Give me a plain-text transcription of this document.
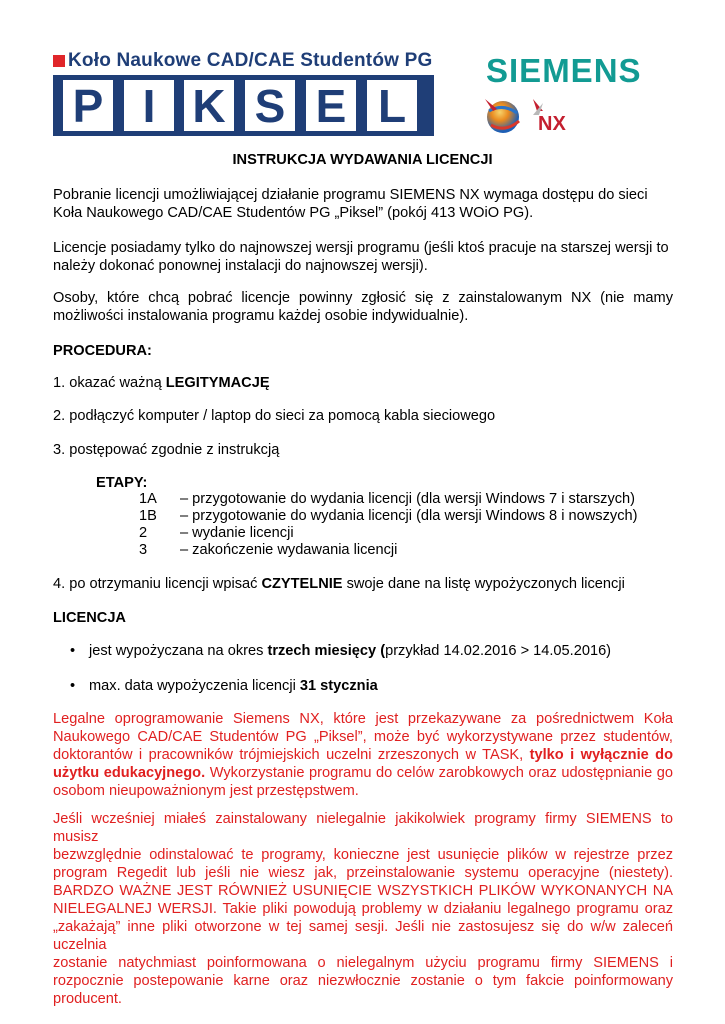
Koło Naukowe CAD/CAE Studentów PG
P I K S E L
SIEMENS
NX
INSTRUKCJA WYDAWANIA LICENCJI
Pobranie licencji umożliwiającej działanie programu SIEMENS NX wymaga dostępu do sieci Koła Naukowego CAD/CAE Studentów PG „Piksel” (pokój 413 WOiO PG).
Licencje posiadamy tylko do najnowszej wersji programu (jeśli ktoś pracuje na starszej wersji to należy dokonać ponownej instalacji do najnowszej wersji).
Osoby, które chcą pobrać licencje powinny zgłosić się z zainstalowanym NX (nie mamy możliwości instalowania programu każdej osobie indywidualnie).
PROCEDURA:
1. okazać ważną LEGITYMACJĘ
2. podłączyć komputer / laptop do sieci za pomocą kabla sieciowego
3. postępować zgodnie z instrukcją
ETAPY:
1A – przygotowanie do wydania licencji (dla wersji Windows 7 i starszych)
1B – przygotowanie do wydania licencji (dla wersji Windows 8 i nowszych)
2 – wydanie licencji
3 – zakończenie wydawania licencji
4. po otrzymaniu licencji wpisać CZYTELNIE swoje dane na listę wypożyczonych licencji
LICENCJA
• jest wypożyczana na okres trzech miesięcy (przykład 14.02.2016 > 14.05.2016)
• max. data wypożyczenia licencji 31 stycznia
Legalne oprogramowanie Siemens NX, które jest przekazywane za pośrednictwem Koła
Naukowego CAD/CAE Studentów PG „Piksel”, może być wykorzystywane przez studentów,
doktorantów i pracowników trójmiejskich uczelni zrzeszonych w TASK, tylko i wyłącznie do
użytku edukacyjnego. Wykorzystanie programu do celów zarobkowych oraz udostępnianie go
osobom nieupoważnionym jest przestępstwem.
Jeśli wcześniej miałeś zainstalowany nielegalnie jakikolwiek programy firmy SIEMENS to musisz
bezwzględnie odinstalować te programy, konieczne jest usunięcie plików w rejestrze przez
program Regedit lub jeśli nie wiesz jak, przeinstalowanie systemu operacyjne (niestety).
BARDZO WAŻNE JEST RÓWNIEŻ USUNIĘCIE WSZYSTKICH PLIKÓW WYKONANYCH NA
NIELEGALNEJ WERSJI. Takie pliki powodują problemy w działaniu legalnego programu oraz
„zakażają” inne pliki otworzone w tej samej sesji. Jeśli nie zastosujesz się do w/w zaleceń uczelnia
zostanie natychmiast poinformowana o nielegalnym użyciu programu firmy SIEMENS i
rozpocznie postepowanie karne oraz niezwłocznie zostanie o tym fakcie poinformowany
producent.
